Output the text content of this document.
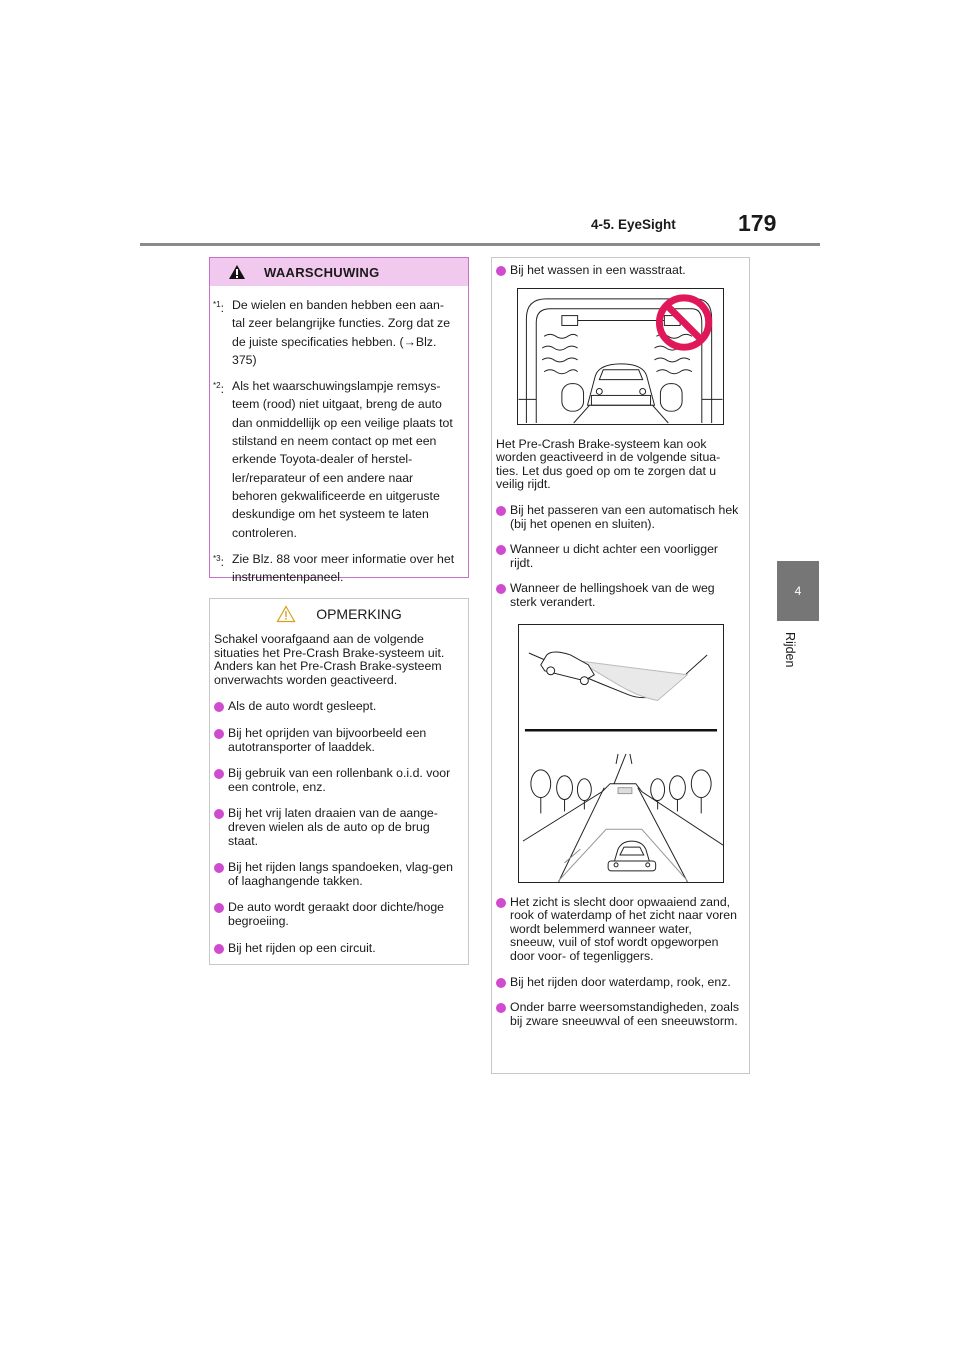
4-5. EyeSight	179
4
Rijden
WAARSCHUWING
$^{*1}$: De wielen en banden hebben een aan-tal zeer belangrijke functies. Zorg dat ze de juiste specificaties hebben. (→Blz. 375)
$^{*2}$: Als het waarschuwingslampje remsys-teem (rood) niet uitgaat, breng de auto dan onmiddellijk op een veilige plaats tot stilstand en neem contact op met een erkende Toyota-dealer of herstel-ler/reparateur of een andere naar behoren gekwalificeerde en uitgeruste deskundige om het systeem te laten controleren.
$^{*3}$: Zie Blz. 88 voor meer informatie over het instrumentenpaneel.
OPMERKING

Schakel voorafgaand aan de volgende situaties het Pre-Crash Brake-systeem uit. Anders kan het Pre-Crash Brake-systeem onverwachts worden geactiveerd.

Als de auto wordt gesleept.
Bij het oprijden van bijvoorbeeld een autotransporter of laaddek.
Bij gebruik van een rollenbank o.i.d. voor een controle, enz.
Bij het vrij laten draaien van de aange-dreven wielen als de auto op de brug staat.
Bij het rijden langs spandoeken, vlag-gen of laaghangende takken.
De auto wordt geraakt door dichte/hoge begroeiing.
Bij het rijden op een circuit.
Bij het wassen in een wasstraat.

Het Pre-Crash Brake-systeem kan ook worden geactiveerd in de volgende situa-ties. Let dus goed op om te zorgen dat u veilig rijdt.

Bij het passeren van een automatisch hek (bij het openen en sluiten).
Wanneer u dicht achter een voorligger rijdt.
Wanneer de hellingshoek van de weg sterk verandert.
Het zicht is slecht door opwaaiend zand, rook of waterdamp of het zicht naar voren wordt belemmerd wanneer water, sneeuw, vuil of stof wordt opgeworpen door voor- of tegenliggers.
Bij het rijden door waterdamp, rook, enz.
Onder barre weersomstandigheden, zoals bij zware sneeuwval of een sneeuwstorm.
